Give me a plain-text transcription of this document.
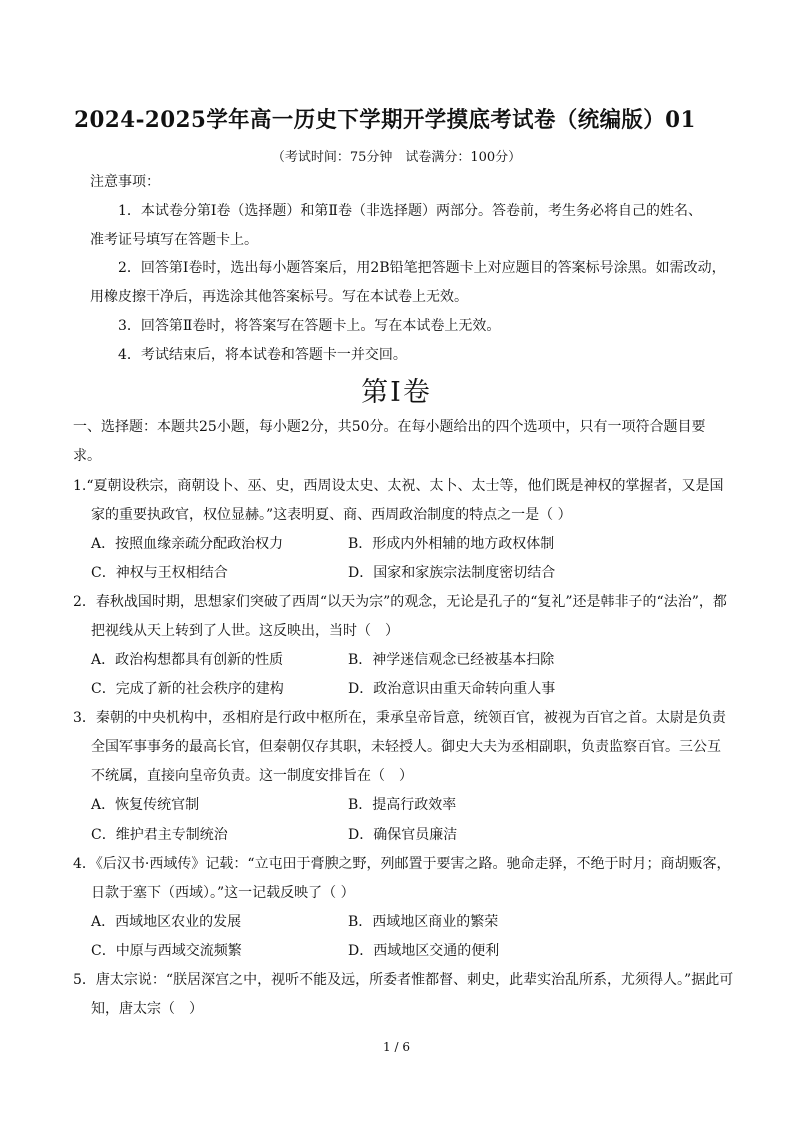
2024-2025学年高一历史下学期开学摸底考试卷（统编版）01
（考试时间：75分钟　试卷满分：100分）
注意事项：
1．本试卷分第Ⅰ卷（选择题）和第Ⅱ卷（非选择题）两部分。答卷前，考生务必将自己的姓名、
准考证号填写在答题卡上。
2．回答第Ⅰ卷时，选出每小题答案后，用2B铅笔把答题卡上对应题目的答案标号涂黑。如需改动，
用橡皮擦干净后，再选涂其他答案标号。写在本试卷上无效。
3．回答第Ⅱ卷时，将答案写在答题卡上。写在本试卷上无效。
4．考试结束后，将本试卷和答题卡一并交回。
第Ⅰ卷
一、选择题：本题共25小题，每小题2分，共50分。在每小题给出的四个选项中，只有一项符合题目要
求。
1.“夏朝设秩宗，商朝设卜、巫、史，西周设太史、太祝、太卜、太士等，他们既是神权的掌握者，又是国
家的重要执政官，权位显赫。”这表明夏、商、西周政治制度的特点之一是（ ）
A．按照血缘亲疏分配政治权力	B．形成内外相辅的地方政权体制
C．神权与王权相结合	D．国家和家族宗法制度密切结合
2．春秋战国时期，思想家们突破了西周“以天为宗”的观念，无论是孔子的“复礼”还是韩非子的“法治”，都
把视线从天上转到了人世。这反映出，当时（　）
A．政治构想都具有创新的性质	B．神学迷信观念已经被基本扫除
C．完成了新的社会秩序的建构	D．政治意识由重天命转向重人事
3．秦朝的中央机构中，丞相府是行政中枢所在，秉承皇帝旨意，统领百官，被视为百官之首。太尉是负责
全国军事事务的最高长官，但秦朝仅存其职，未轻授人。御史大夫为丞相副职，负责监察百官。三公互
不统属，直接向皇帝负责。这一制度安排旨在（　）
A．恢复传统官制	B．提高行政效率
C．维护君主专制统治	D．确保官员廉洁
4．《后汉书·西域传》记载：“立屯田于膏腴之野，列邮置于要害之路。驰命走驿，不绝于时月；商胡贩客，
日款于塞下（西域）。”这一记载反映了（ ）
A．西域地区农业的发展	B．西域地区商业的繁荣
C．中原与西域交流频繁	D．西域地区交通的便利
5．唐太宗说：“朕居深宫之中，视听不能及远，所委者惟都督、刺史，此辈实治乱所系，尤须得人。”据此可
知，唐太宗（　）
1 / 6
